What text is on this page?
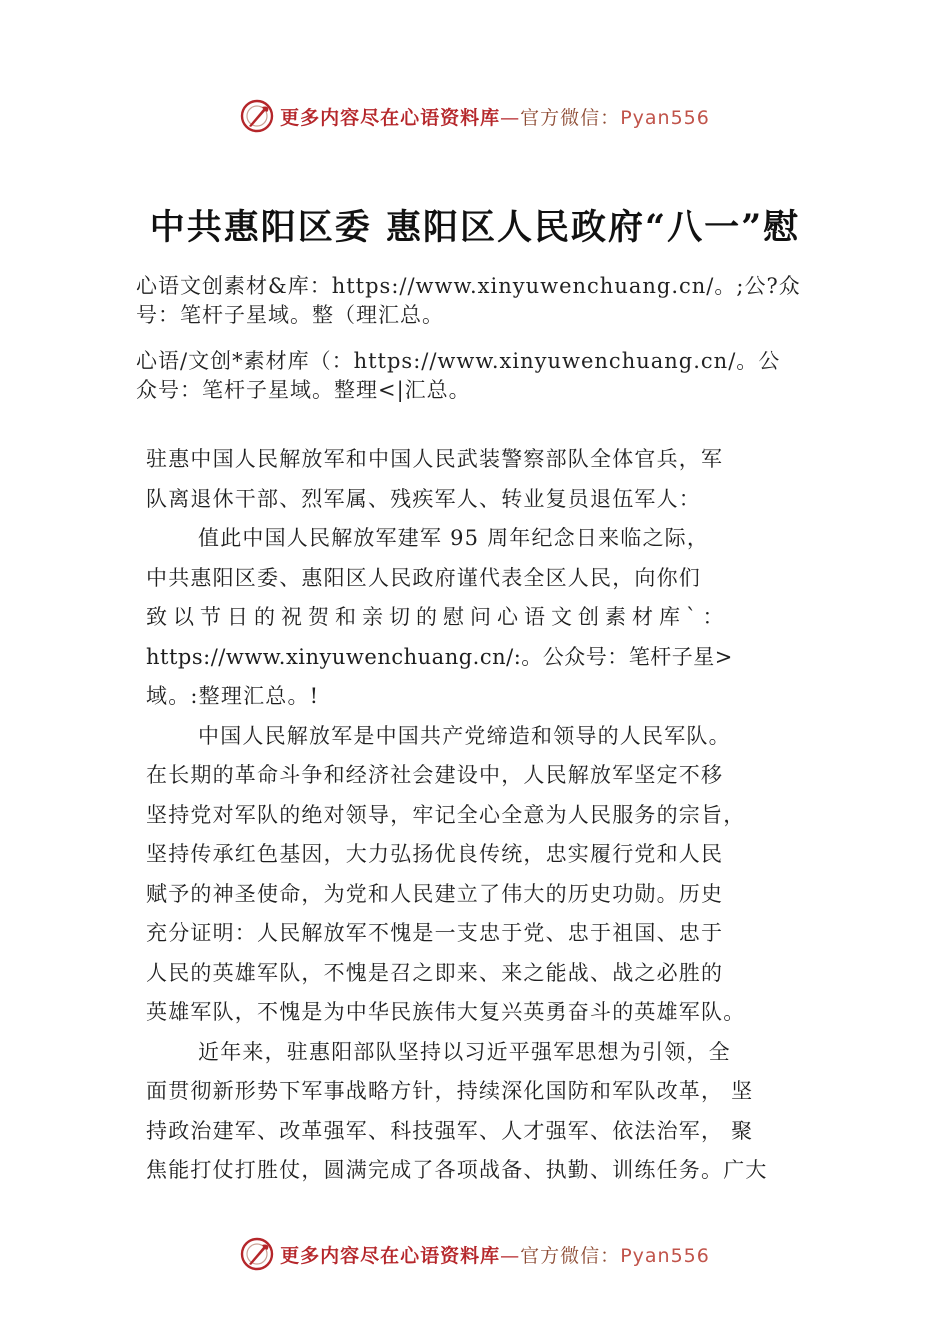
更多内容尽在心语资料库—官方微信：Pyan556
中共惠阳区委 惠阳区人民政府“八一”慰
心语文创素材&库：https://www.xinyuwenchuang.cn/。;公?众
号：笔杆子星域。整（理汇总。
心语/文创*素材库（：https://www.xinyuwenchuang.cn/。公
众号：笔杆子星域。整理<|汇总。
驻惠中国人民解放军和中国人民武装警察部队全体官兵，军
队离退休干部、烈军属、残疾军人、转业复员退伍军人：
值此中国人民解放军建军 95 周年纪念日来临之际，
中共惠阳区委、惠阳区人民政府谨代表全区人民，向你们
致以节日的祝贺和亲切的慰问心语文创素材库`：
https://www.xinyuwenchuang.cn/:。公众号：笔杆子星>
域。:整理汇总。!
中国人民解放军是中国共产党缔造和领导的人民军队。
在长期的革命斗争和经济社会建设中，人民解放军坚定不移
坚持党对军队的绝对领导，牢记全心全意为人民服务的宗旨，
坚持传承红色基因，大力弘扬优良传统，忠实履行党和人民
赋予的神圣使命，为党和人民建立了伟大的历史功勋。历史
充分证明：人民解放军不愧是一支忠于党、忠于祖国、忠于
人民的英雄军队，不愧是召之即来、来之能战、战之必胜的
英雄军队，不愧是为中华民族伟大复兴英勇奋斗的英雄军队。
近年来，驻惠阳部队坚持以习近平强军思想为引领，全
面贯彻新形势下军事战略方针，持续深化国防和军队改革， 坚
持政治建军、改革强军、科技强军、人才强军、依法治军， 聚
焦能打仗打胜仗，圆满完成了各项战备、执勤、训练任务。广大
更多内容尽在心语资料库—官方微信：Pyan556
